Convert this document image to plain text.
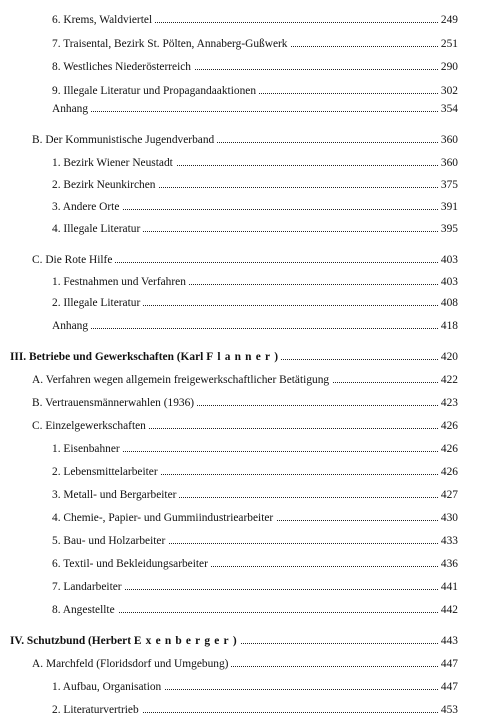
6. Krems, Waldviertel	249
7. Traisental, Bezirk St. Pölten, Annaberg-Gußwerk	251
8. Westliches Niederösterreich	290
9. Illegale Literatur und Propagandaaktionen	302
Anhang	354
B. Der Kommunistische Jugendverband	360
1. Bezirk Wiener Neustadt	360
2. Bezirk Neunkirchen	375
3. Andere Orte	391
4. Illegale Literatur	395
C. Die Rote Hilfe	403
1. Festnahmen und Verfahren	403
2. Illegale Literatur	408
Anhang	418
III. Betriebe und Gewerkschaften (Karl Flanner)	420
A. Verfahren wegen allgemein freigewerkschaftlicher Betätigung	422
B. Vertrauensmännerwahlen (1936)	423
C. Einzelgewerkschaften	426
1. Eisenbahner	426
2. Lebensmittelarbeiter	426
3. Metall- und Bergarbeiter	427
4. Chemie-, Papier- und Gummiindustriearbeiter	430
5. Bau- und Holzarbeiter	433
6. Textil- und Bekleidungsarbeiter	436
7. Landarbeiter	441
8. Angestellte	442
IV. Schutzbund (Herbert Exenberger)	443
A. Marchfeld (Floridsdorf und Umgebung)	447
1. Aufbau, Organisation	447
2. Literaturvertrieb	453
